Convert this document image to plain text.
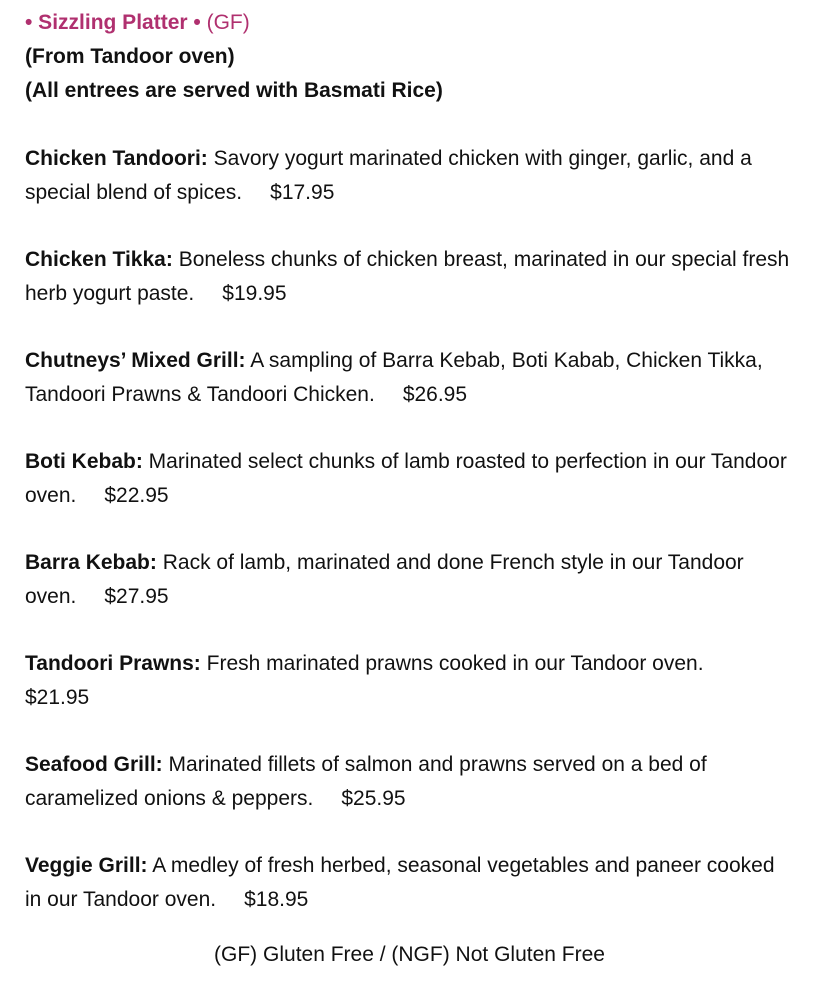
• Sizzling Platter • (GF)

(From Tandoor oven)

(All entrees are served with Basmati Rice)

Chicken Tandoori: Savory yogurt marinated chicken with ginger, garlic, and a special blend of spices. $17.95
Chicken Tikka: Boneless chunks of chicken breast, marinated in our special fresh herb yogurt paste. $19.95
Chutneys’ Mixed Grill: A sampling of Barra Kebab, Boti Kabab, Chicken Tikka, Tandoori Prawns & Tandoori Chicken. $26.95
Boti Kebab: Marinated select chunks of lamb roasted to perfection in our Tandoor oven. $22.95
Barra Kebab: Rack of lamb, marinated and done French style in our Tandoor oven. $27.95
Tandoori Prawns: Fresh marinated prawns cooked in our Tandoor oven.
$21.95
Seafood Grill: Marinated fillets of salmon and prawns served on a bed of caramelized onions & peppers. $25.95
Veggie Grill: A medley of fresh herbed, seasonal vegetables and paneer cooked in our Tandoor oven. $18.95
(GF) Gluten Free / (NGF) Not Gluten Free
